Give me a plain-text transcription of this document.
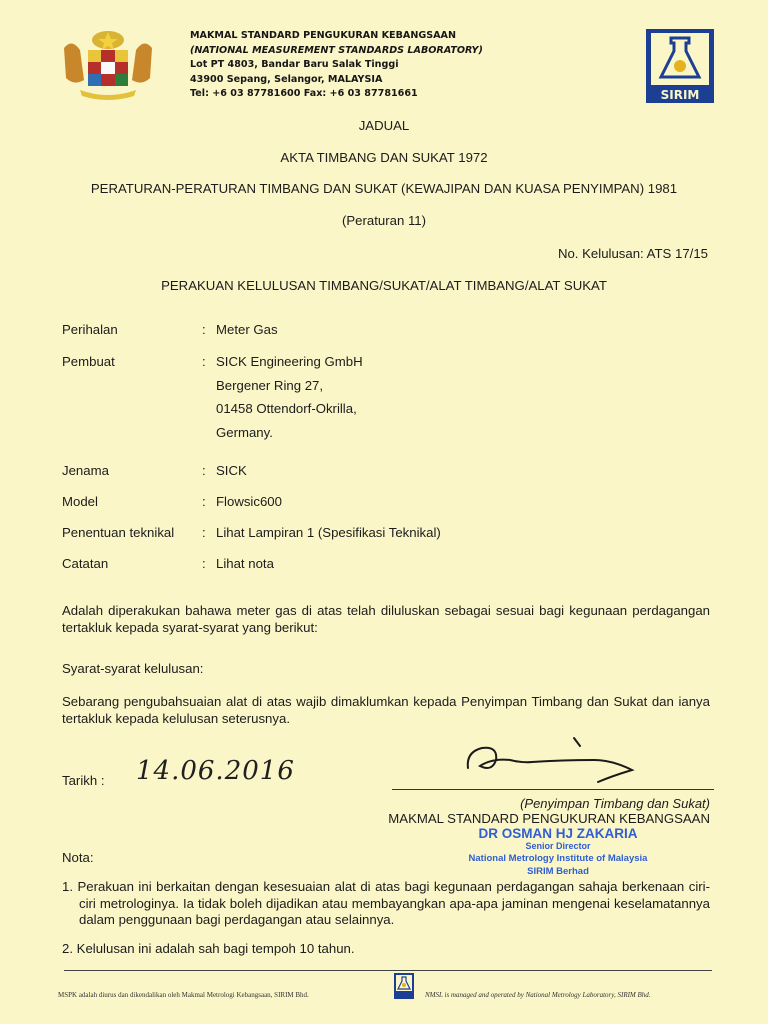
MAKMAL STANDARD PENGUKURAN KEBANGSAAN
(NATIONAL MEASUREMENT STANDARDS LABORATORY)
Lot PT 4803, Bandar Baru Salak Tinggi
43900 Sepang, Selangor, MALAYSIA
Tel: +6 03 87781600 Fax: +6 03 87781661	SIRIM
JADUAL
AKTA TIMBANG DAN SUKAT 1972
PERATURAN-PERATURAN TIMBANG DAN SUKAT (KEWAJIPAN DAN KUASA PENYIMPAN) 1981
(Peraturan 11)
No. Kelulusan: ATS 17/15
PERAKUAN KELULUSAN TIMBANG/SUKAT/ALAT TIMBANG/ALAT SUKAT
Perihalan	: Meter Gas
Pembuat	: SICK Engineering GmbH
Bergener Ring 27,
01458 Ottendorf-Okrilla,
Germany.
Jenama	: SICK
Model	: Flowsic600
Penentuan teknikal : Lihat Lampiran 1 (Spesifikasi Teknikal)
Catatan	: Lihat nota
Adalah diperakukan bahawa meter gas di atas telah diluluskan sebagai sesuai bagi kegunaan perdagangan tertakluk kepada syarat-syarat yang berikut:
Syarat-syarat kelulusan:
Sebarang pengubahsuaian alat di atas wajib dimaklumkan kepada Penyimpan Timbang dan Sukat dan ianya tertakluk kepada kelulusan seterusnya.
Tarikh : 14.06.2016
(Penyimpan Timbang dan Sukat)
MAKMAL STANDARD PENGUKURAN KEBANGSAAN
DR OSMAN HJ ZAKARIA
Senior Director
National Metrology Institute of Malaysia
SIRIM Berhad
Nota:
1. Perakuan ini berkaitan dengan kesesuaian alat di atas bagi kegunaan perdagangan sahaja berkenaan ciri-ciri metrologinya. Ia tidak boleh dijadikan atau membayangkan apa-apa jaminan mengenai keselamatannya dalam penggunaan bagi perdagangan atau selainnya.
2. Kelulusan ini adalah sah bagi tempoh 10 tahun.
MSPK adalah diurus dan dikendalikan oleh Makmal Metrologi Kebangsaan, SIRIM Bhd.	NMSL is managed and operated by National Metrology Laboratory, SIRIM Bhd.
